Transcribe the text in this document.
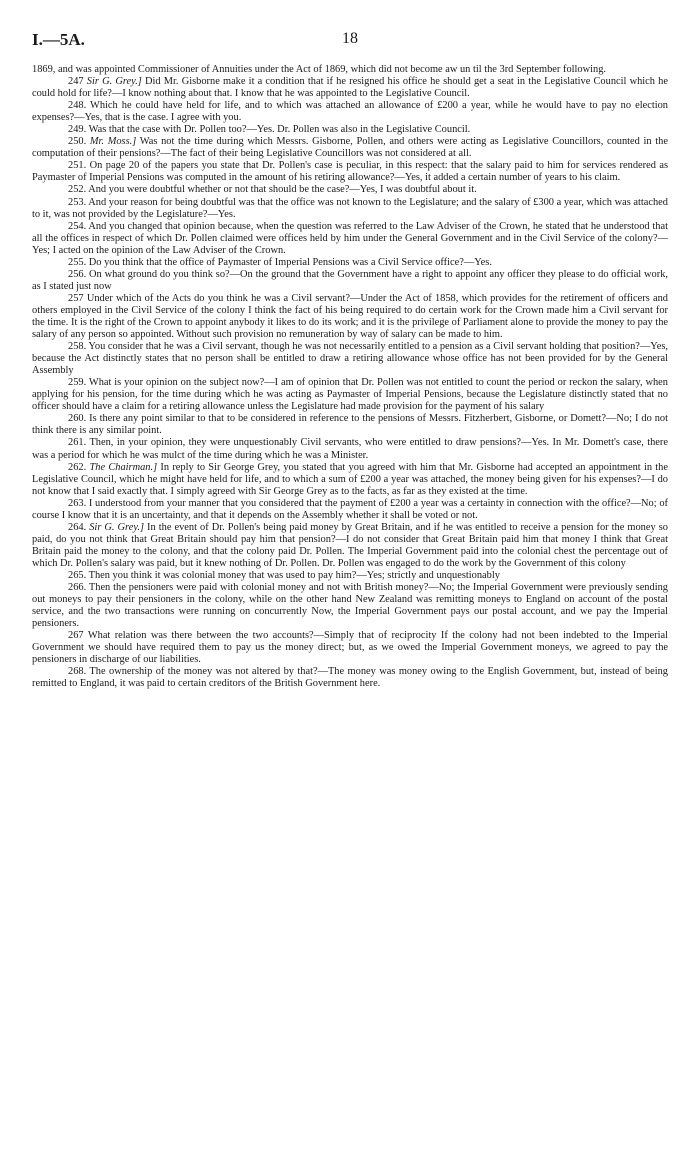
I.—5A.	18

1869, and was appointed Commissioner of Annuities under the Act of 1869, which did not become aw un til the 3rd September following.

247 Sir G. Grey.] Did Mr. Gisborne make it a condition that if he resigned his office he should get a seat in the Legislative Council which he could hold for life?—I know nothing about that. I know that he was appointed to the Legislative Council.

248. Which he could have held for life, and to which was attached an allowance of £200 a year, while he would have to pay no election expenses?—Yes, that is the case. I agree with you.

249. Was that the case with Dr. Pollen too?—Yes. Dr. Pollen was also in the Legislative Council.

250. Mr. Moss.] Was not the time during which Messrs. Gisborne, Pollen, and others were acting as Legislative Councillors, counted in the computation of their pensions?—The fact of their being Legislative Councillors was not considered at all.

251. On page 20 of the papers you state that Dr. Pollen's case is peculiar, in this respect: that the salary paid to him for services rendered as Paymaster of Imperial Pensions was computed in the amount of his retiring allowance?—Yes, it added a certain number of years to his claim.

252. And you were doubtful whether or not that should be the case?—Yes, I was doubtful about it.

253. And your reason for being doubtful was that the office was not known to the Legislature; and the salary of £300 a year, which was attached to it, was not provided by the Legislature?—Yes.

254. And you changed that opinion because, when the question was referred to the Law Adviser of the Crown, he stated that he understood that all the offices in respect of which Dr. Pollen claimed were offices held by him under the General Government and in the Civil Service of the colony?—Yes; I acted on the opinion of the Law Adviser of the Crown.

255. Do you think that the office of Paymaster of Imperial Pensions was a Civil Service office?—Yes.

256. On what ground do you think so?—On the ground that the Government have a right to appoint any officer they please to do official work, as I stated just now

257 Under which of the Acts do you think he was a Civil servant?—Under the Act of 1858, which provides for the retirement of officers and others employed in the Civil Service of the colony I think the fact of his being required to do certain work for the Crown made him a Civil servant for the time. It is the right of the Crown to appoint anybody it likes to do its work; and it is the privilege of Parliament alone to provide the money to pay the salary of any person so appointed. Without such provision no remuneration by way of salary can be made to him.

258. You consider that he was a Civil servant, though he was not necessarily entitled to a pension as a Civil servant holding that position?—Yes, because the Act distinctly states that no person shall be entitled to draw a retiring allowance whose office has not been provided for by the General Assembly

259. What is your opinion on the subject now?—I am of opinion that Dr. Pollen was not entitled to count the period or reckon the salary, when applying for his pension, for the time during which he was acting as Paymaster of Imperial Pensions, because the Legislature distinctly stated that no officer should have a claim for a retiring allowance unless the Legislature had made provision for the payment of his salary

260. Is there any point similar to that to be considered in reference to the pensions of Messrs. Fitzherbert, Gisborne, or Domett?—No; I do not think there is any similar point.

261. Then, in your opinion, they were unquestionably Civil servants, who were entitled to draw pensions?—Yes. In Mr. Domett's case, there was a period for which he was mulct of the time during which he was a Minister.

262. The Chairman.] In reply to Sir George Grey, you stated that you agreed with him that Mr. Gisborne had accepted an appointment in the Legislative Council, which he might have held for life, and to which a sum of £200 a year was attached, the money being given for his expenses?—I do not know that I said exactly that. I simply agreed with Sir George Grey as to the facts, as far as they existed at the time.

263. I understood from your manner that you considered that the payment of £200 a year was a certainty in connection with the office?—No; of course I know that it is an uncertainty, and that it depends on the Assembly whether it shall be voted or not.

264. Sir G. Grey.] In the event of Dr. Pollen's being paid money by Great Britain, and if he was entitled to receive a pension for the money so paid, do you not think that Great Britain should pay him that pension?—I do not consider that Great Britain paid him that money I think that Great Britain paid the money to the colony, and that the colony paid Dr. Pollen. The Imperial Government paid into the colonial chest the percentage out of which Dr. Pollen's salary was paid, but it knew nothing of Dr. Pollen. Dr. Pollen was engaged to do the work by the Government of this colony

265. Then you think it was colonial money that was used to pay him?—Yes; strictly and unquestionably

266. Then the pensioners were paid with colonial money and not with British money?—No; the Imperial Government were previously sending out moneys to pay their pensioners in the colony, while on the other hand New Zealand was remitting moneys to England on account of the postal service, and the two transactions were running on concurrently Now, the Imperial Government pays our postal account, and we pay the Imperial pensioners.

267 What relation was there between the two accounts?—Simply that of reciprocity If the colony had not been indebted to the Imperial Government we should have required them to pay us the money direct; but, as we owed the Imperial Government moneys, we agreed to pay the pensioners in discharge of our liabilities.

268. The ownership of the money was not altered by that?—The money was money owing to the English Government, but, instead of being remitted to England, it was paid to certain creditors of the British Government here.
